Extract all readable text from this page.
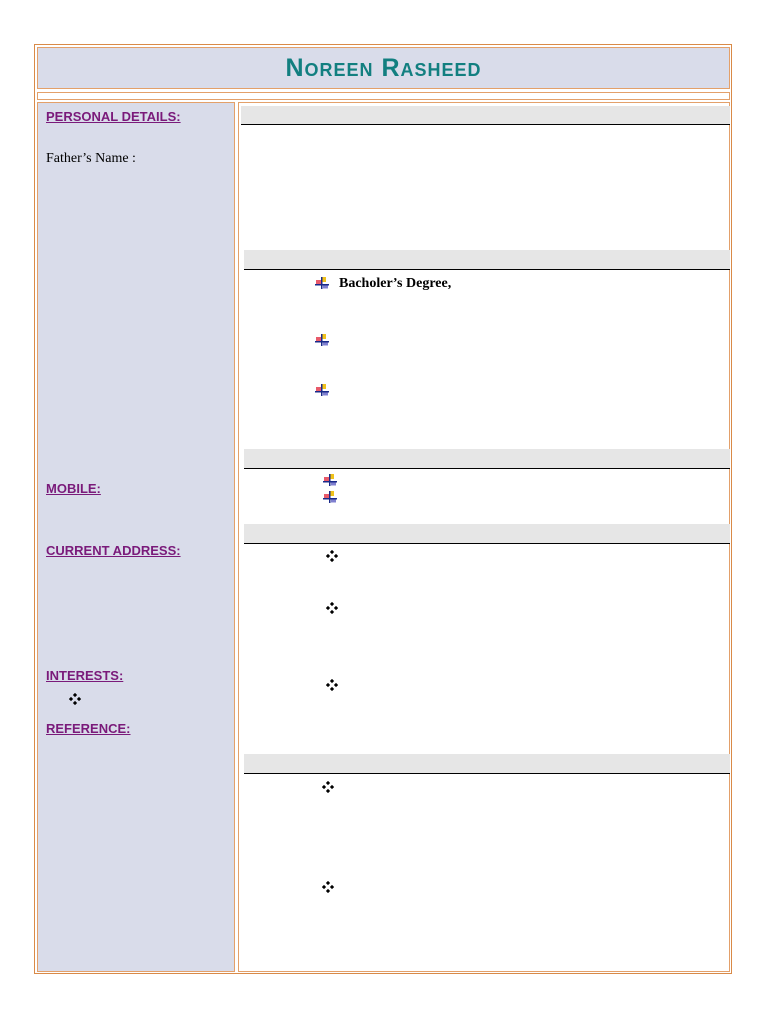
Noreen Rasheed
PERSONAL DETAILS:
Father’s Name :
MOBILE:
CURRENT ADDRESS:
INTERESTS:
REFERENCE:
Bacholer’s Degree,
